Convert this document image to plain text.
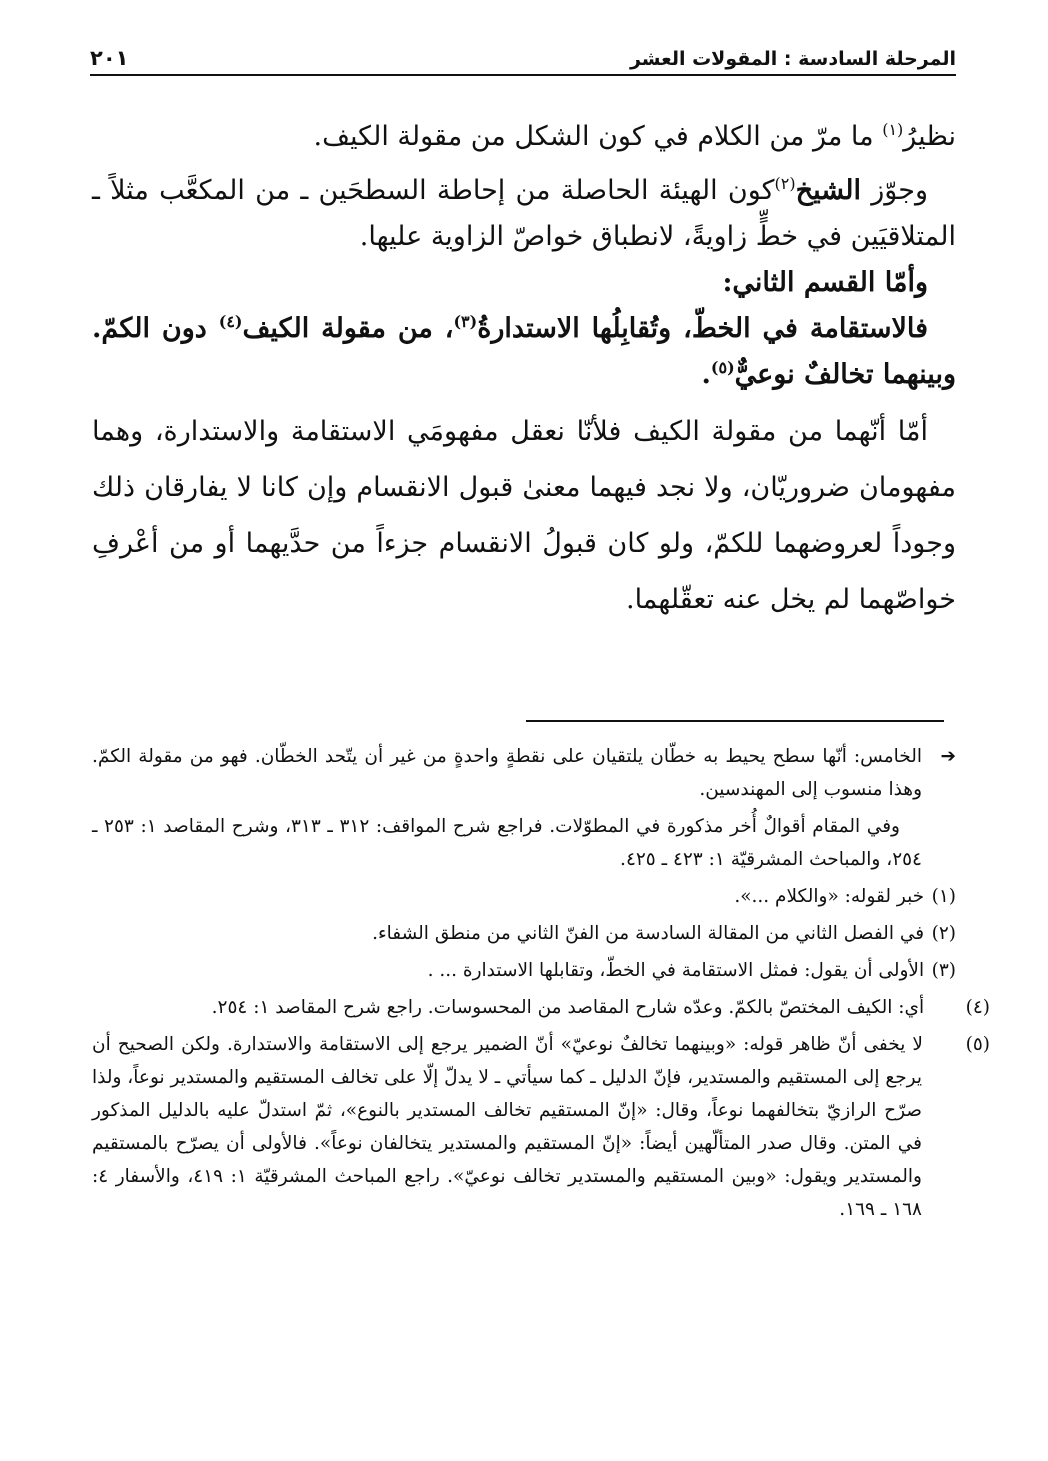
المرحلة السادسة : المقولات العشر
٢٠١

نظيرُ$^{(١)}$ ما مرّ من الكلام في كون الشكل من مقولة الكيف.

وجوّز الشيخ$^{(٢)}$كون الهيئة الحاصلة من إحاطة السطحَين ـ من المكعَّب مثلاً ـ المتلاقيَين في خطٍّ زاويةً، لانطباق خواصّ الزاوية عليها.

وأمّا القسم الثاني:

فالاستقامة في الخطّ، وتُقابِلُها الاستدارةُ$^{(٣)}$، من مقولة الكيف$^{(٤)}$ دون الكمّ. وبينهما تخالفٌ نوعيٌّ$^{(٥)}$.

أمّا أنّهما من مقولة الكيف فلأنّا نعقل مفهومَي الاستقامة والاستدارة، وهما مفهومان ضروريّان، ولا نجد فيهما معنىٰ قبول الانقسام وإن كانا لا يفارقان ذلك وجوداً لعروضهما للكمّ، ولو كان قبولُ الانقسام جزءاً من حدَّيهما أو من أعْرفِ خواصّهما لم يخل عنه تعقّلهما.

➔الخامس: أنّها سطح يحيط به خطّان يلتقيان على نقطةٍ واحدةٍ من غير أن يتّحد الخطّان. فهو من مقولة الكمّ. وهذا منسوب إلى المهندسين.

وفي المقام أقوالٌ أُخر مذكورة في المطوّلات. فراجع شرح المواقف: ٣١٢ ـ ٣١٣، وشرح المقاصد ١: ٢٥٣ ـ ٢٥٤، والمباحث المشرقيّة ١: ٤٢٣ ـ ٤٢٥.

(١) خبر لقوله: «والكلام ...».

(٢) في الفصل الثاني من المقالة السادسة من الفنّ الثاني من منطق الشفاء.

(٣) الأولى أن يقول: فمثل الاستقامة في الخطّ، وتقابلها الاستدارة ... .

(٤) أي: الكيف المختصّ بالكمّ. وعدّه شارح المقاصد من المحسوسات. راجع شرح المقاصد ١: ٢٥٤.

(٥) لا يخفى أنّ ظاهر قوله: «وبينهما تخالفٌ نوعيّ» أنّ الضمير يرجع إلى الاستقامة والاستدارة. ولكن الصحيح أن يرجع إلى المستقيم والمستدير، فإنّ الدليل ـ كما سيأتي ـ لا يدلّ إلّا على تخالف المستقيم والمستدير نوعاً، ولذا صرّح الرازيّ بتخالفهما نوعاً، وقال: «إنّ المستقيم تخالف المستدير بالنوع»، ثمّ استدلّ عليه بالدليل المذكور في المتن. وقال صدر المتألّهين أيضاً: «إنّ المستقيم والمستدير يتخالفان نوعاً». فالأولى أن يصرّح بالمستقيم والمستدير ويقول: «وبين المستقيم والمستدير تخالف نوعيّ». راجع المباحث المشرقيّة ١: ٤١٩، والأسفار ٤: ١٦٨ ـ ١٦٩.
